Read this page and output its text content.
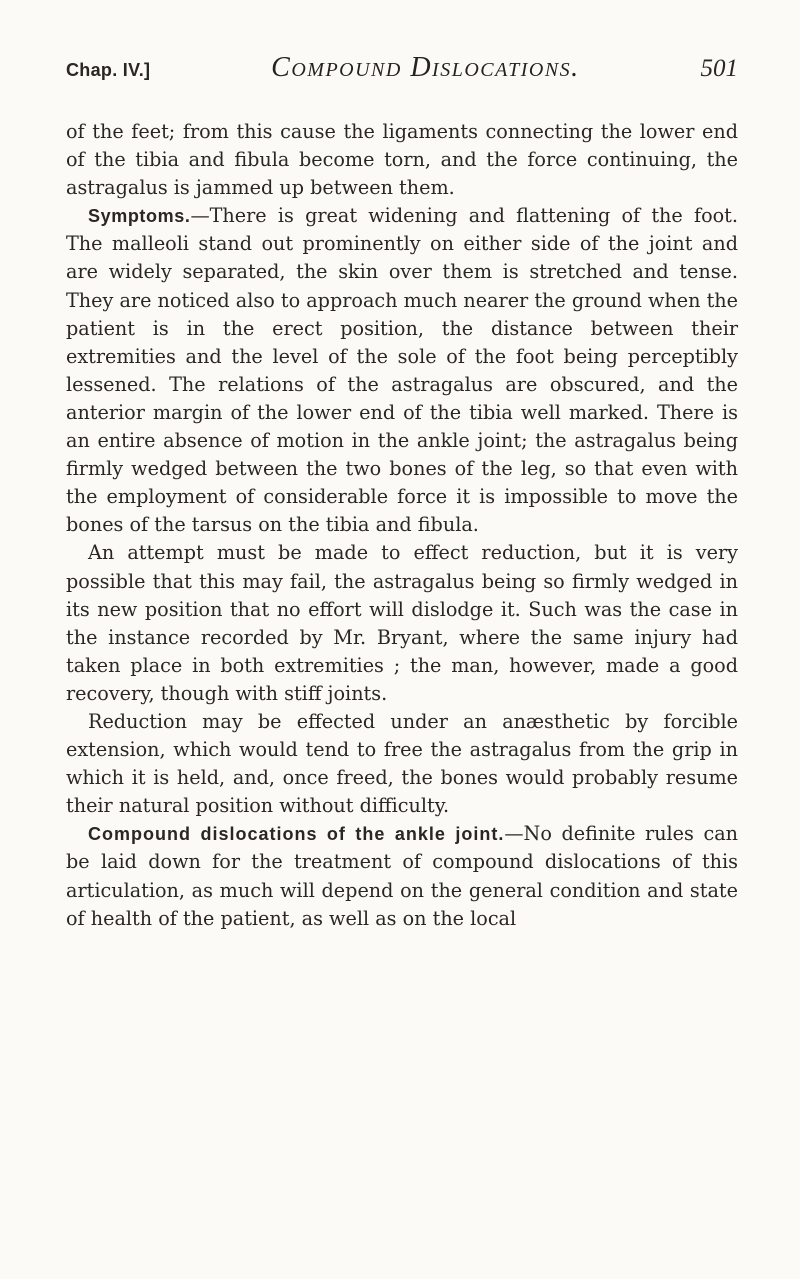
Chap. IV.]	Compound Dislocations.	501

of the feet; from this cause the ligaments connecting the lower end of the tibia and fibula become torn, and the force continuing, the astragalus is jammed up between them.

Symptoms.—There is great widening and flattening of the foot. The malleoli stand out prominently on either side of the joint and are widely separated, the skin over them is stretched and tense. They are noticed also to approach much nearer the ground when the patient is in the erect position, the distance between their extremities and the level of the sole of the foot being perceptibly lessened. The relations of the astragalus are obscured, and the anterior margin of the lower end of the tibia well marked. There is an entire absence of motion in the ankle joint; the astragalus being firmly wedged between the two bones of the leg, so that even with the employment of considerable force it is impossible to move the bones of the tarsus on the tibia and fibula.

An attempt must be made to effect reduction, but it is very possible that this may fail, the astragalus being so firmly wedged in its new position that no effort will dislodge it. Such was the case in the instance recorded by Mr. Bryant, where the same injury had taken place in both extremities ; the man, however, made a good recovery, though with stiff joints.

Reduction may be effected under an anæsthetic by forcible extension, which would tend to free the astragalus from the grip in which it is held, and, once freed, the bones would probably resume their natural position without difficulty.

Compound dislocations of the ankle joint.—No definite rules can be laid down for the treatment of compound dislocations of this articulation, as much will depend on the general condition and state of health of the patient, as well as on the local
